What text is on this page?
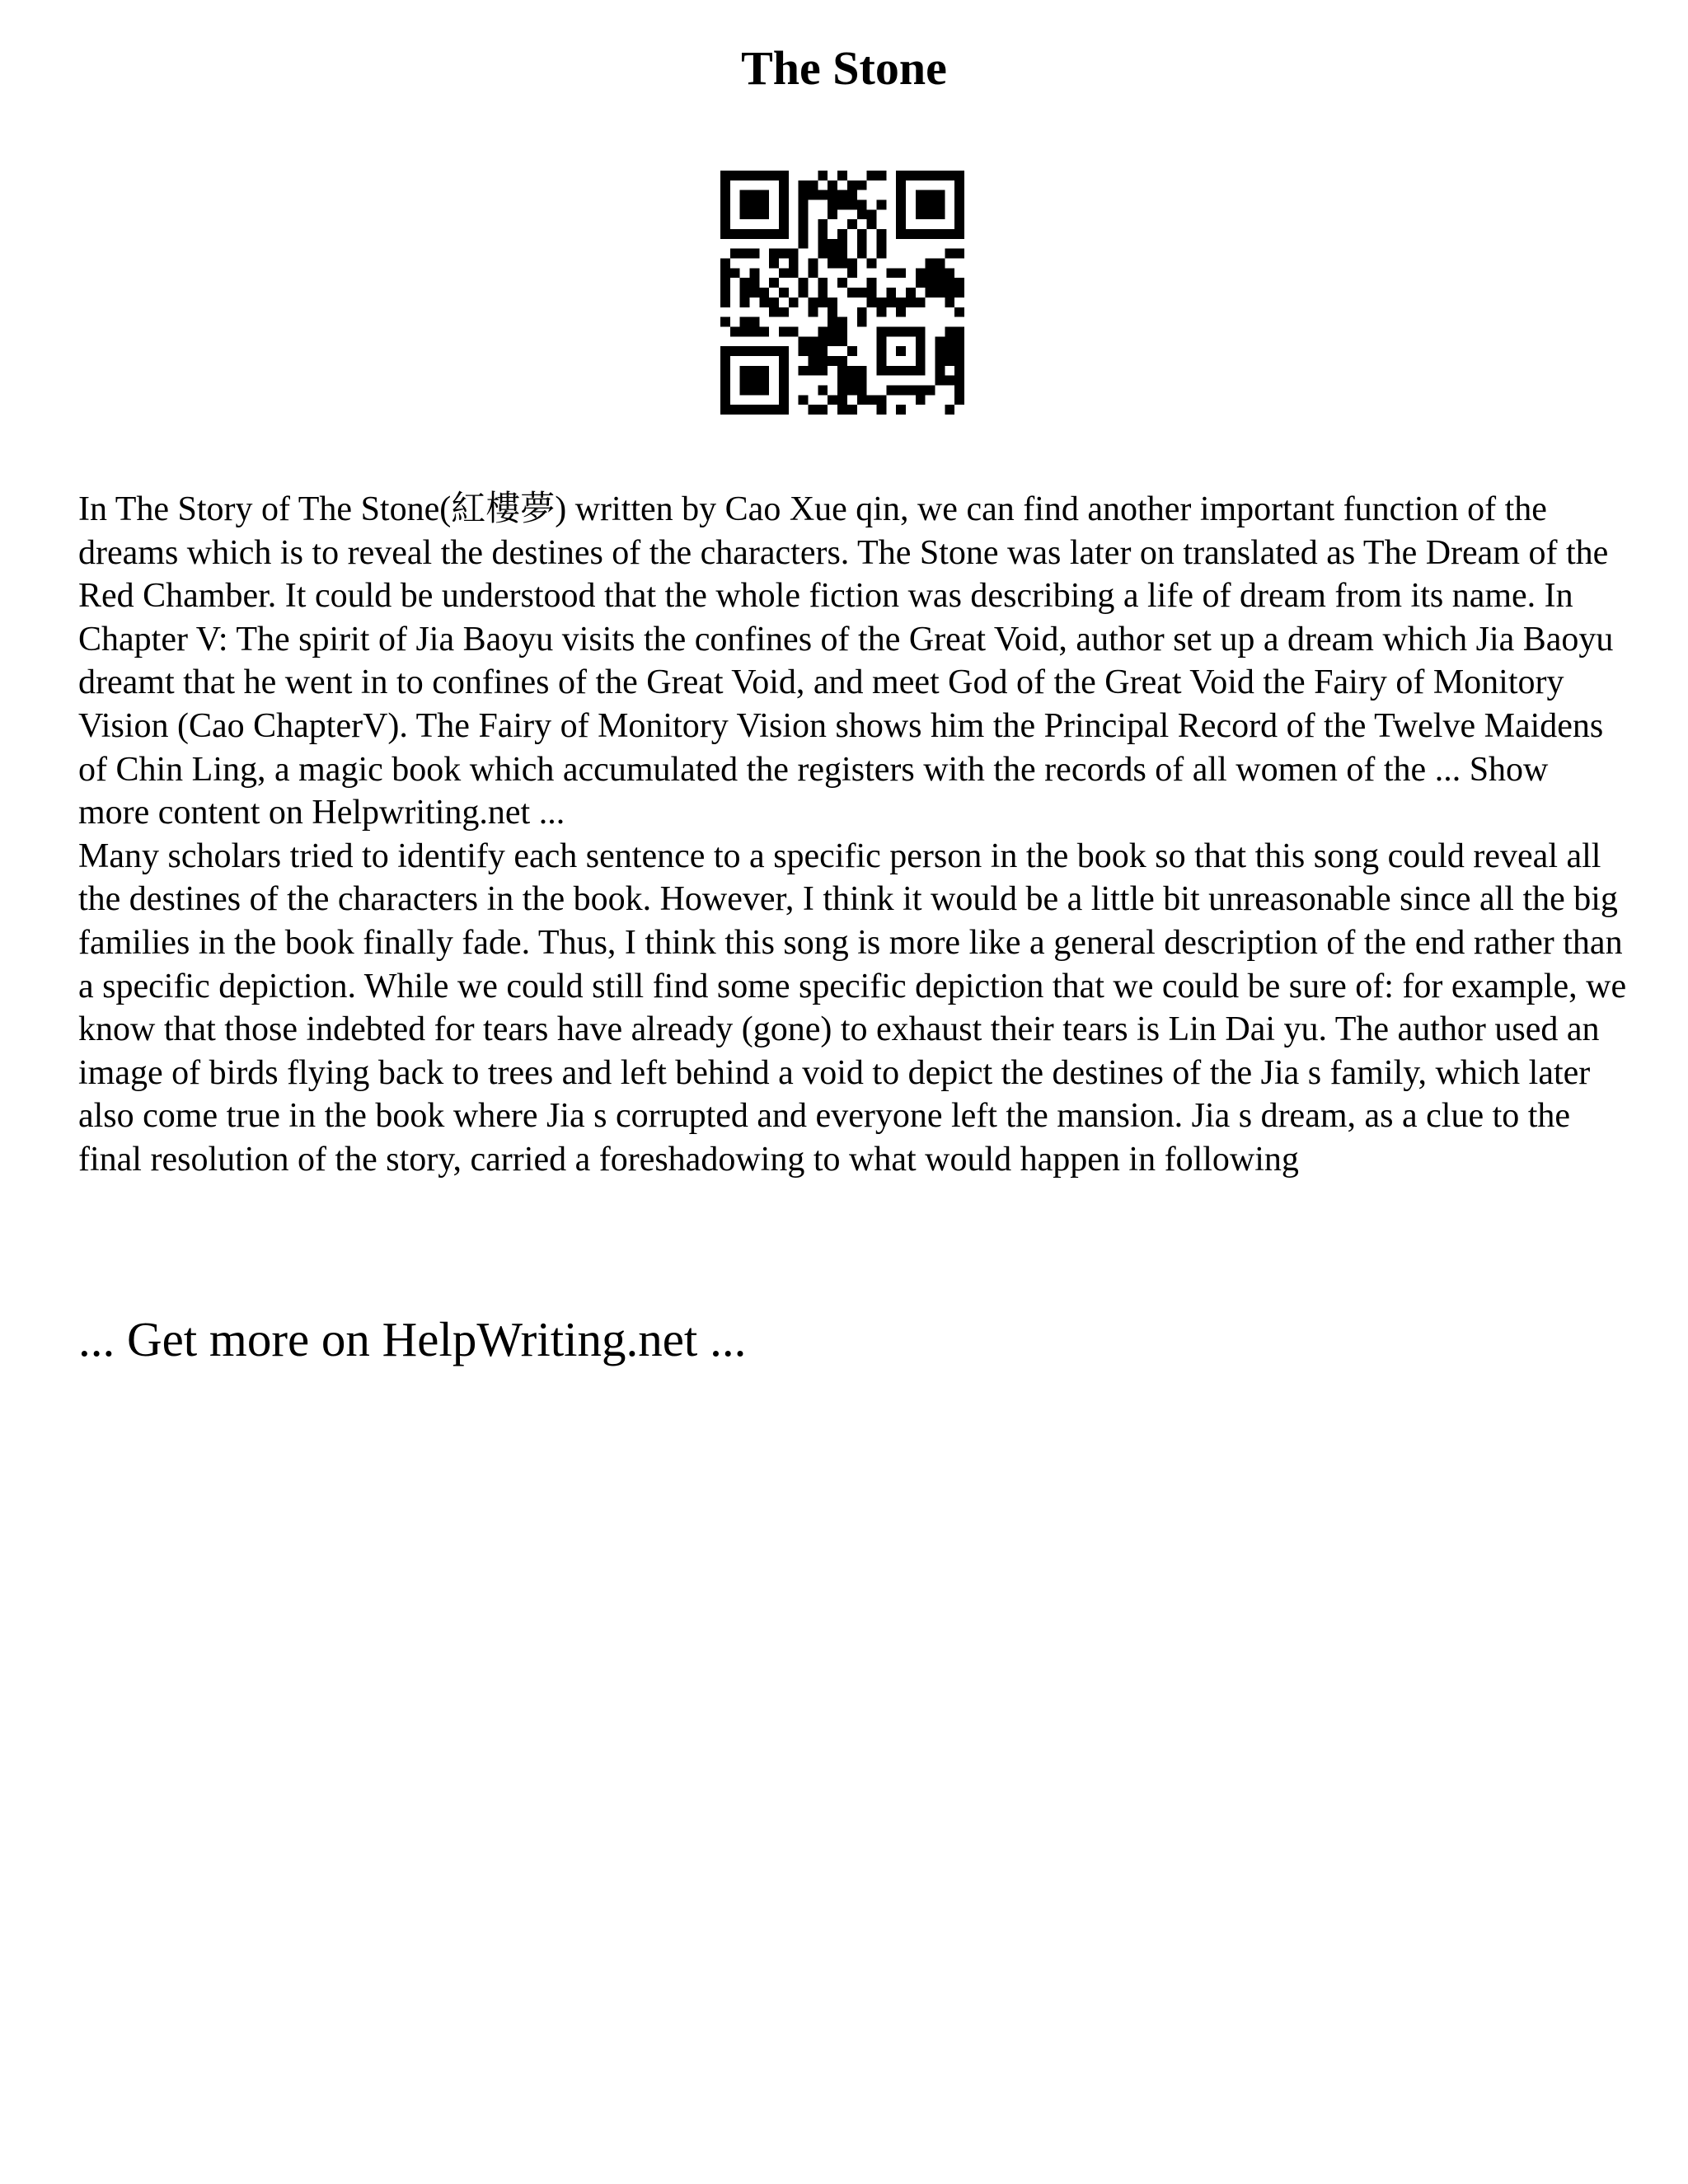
The Stone

In The Story of The Stone(紅樓夢) written by Cao Xue qin, we can find another important function of the dreams which is to reveal the destines of the characters. The Stone was later on translated as The Dream of the Red Chamber. It could be understood that the whole fiction was describing a life of dream from its name. In Chapter V: The spirit of Jia Baoyu visits the confines of the Great Void, author set up a dream which Jia Baoyu dreamt that he went in to confines of the Great Void, and meet God of the Great Void the Fairy of Monitory Vision (Cao ChapterV). The Fairy of Monitory Vision shows him the Principal Record of the Twelve Maidens of Chin Ling, a magic book which accumulated the registers with the records of all women of the ... Show more content on Helpwriting.net ...

Many scholars tried to identify each sentence to a specific person in the book so that this song could reveal all the destines of the characters in the book. However, I think it would be a little bit unreasonable since all the big families in the book finally fade. Thus, I think this song is more like a general description of the end rather than a specific depiction. While we could still find some specific depiction that we could be sure of: for example, we know that those indebted for tears have already (gone) to exhaust their tears is Lin Dai yu. The author used an image of birds flying back to trees and left behind a void to depict the destines of the Jia s family, which later also come true in the book where Jia s corrupted and everyone left the mansion. Jia s dream, as a clue to the final resolution of the story, carried a foreshadowing to what would happen in following

... Get more on HelpWriting.net ...
